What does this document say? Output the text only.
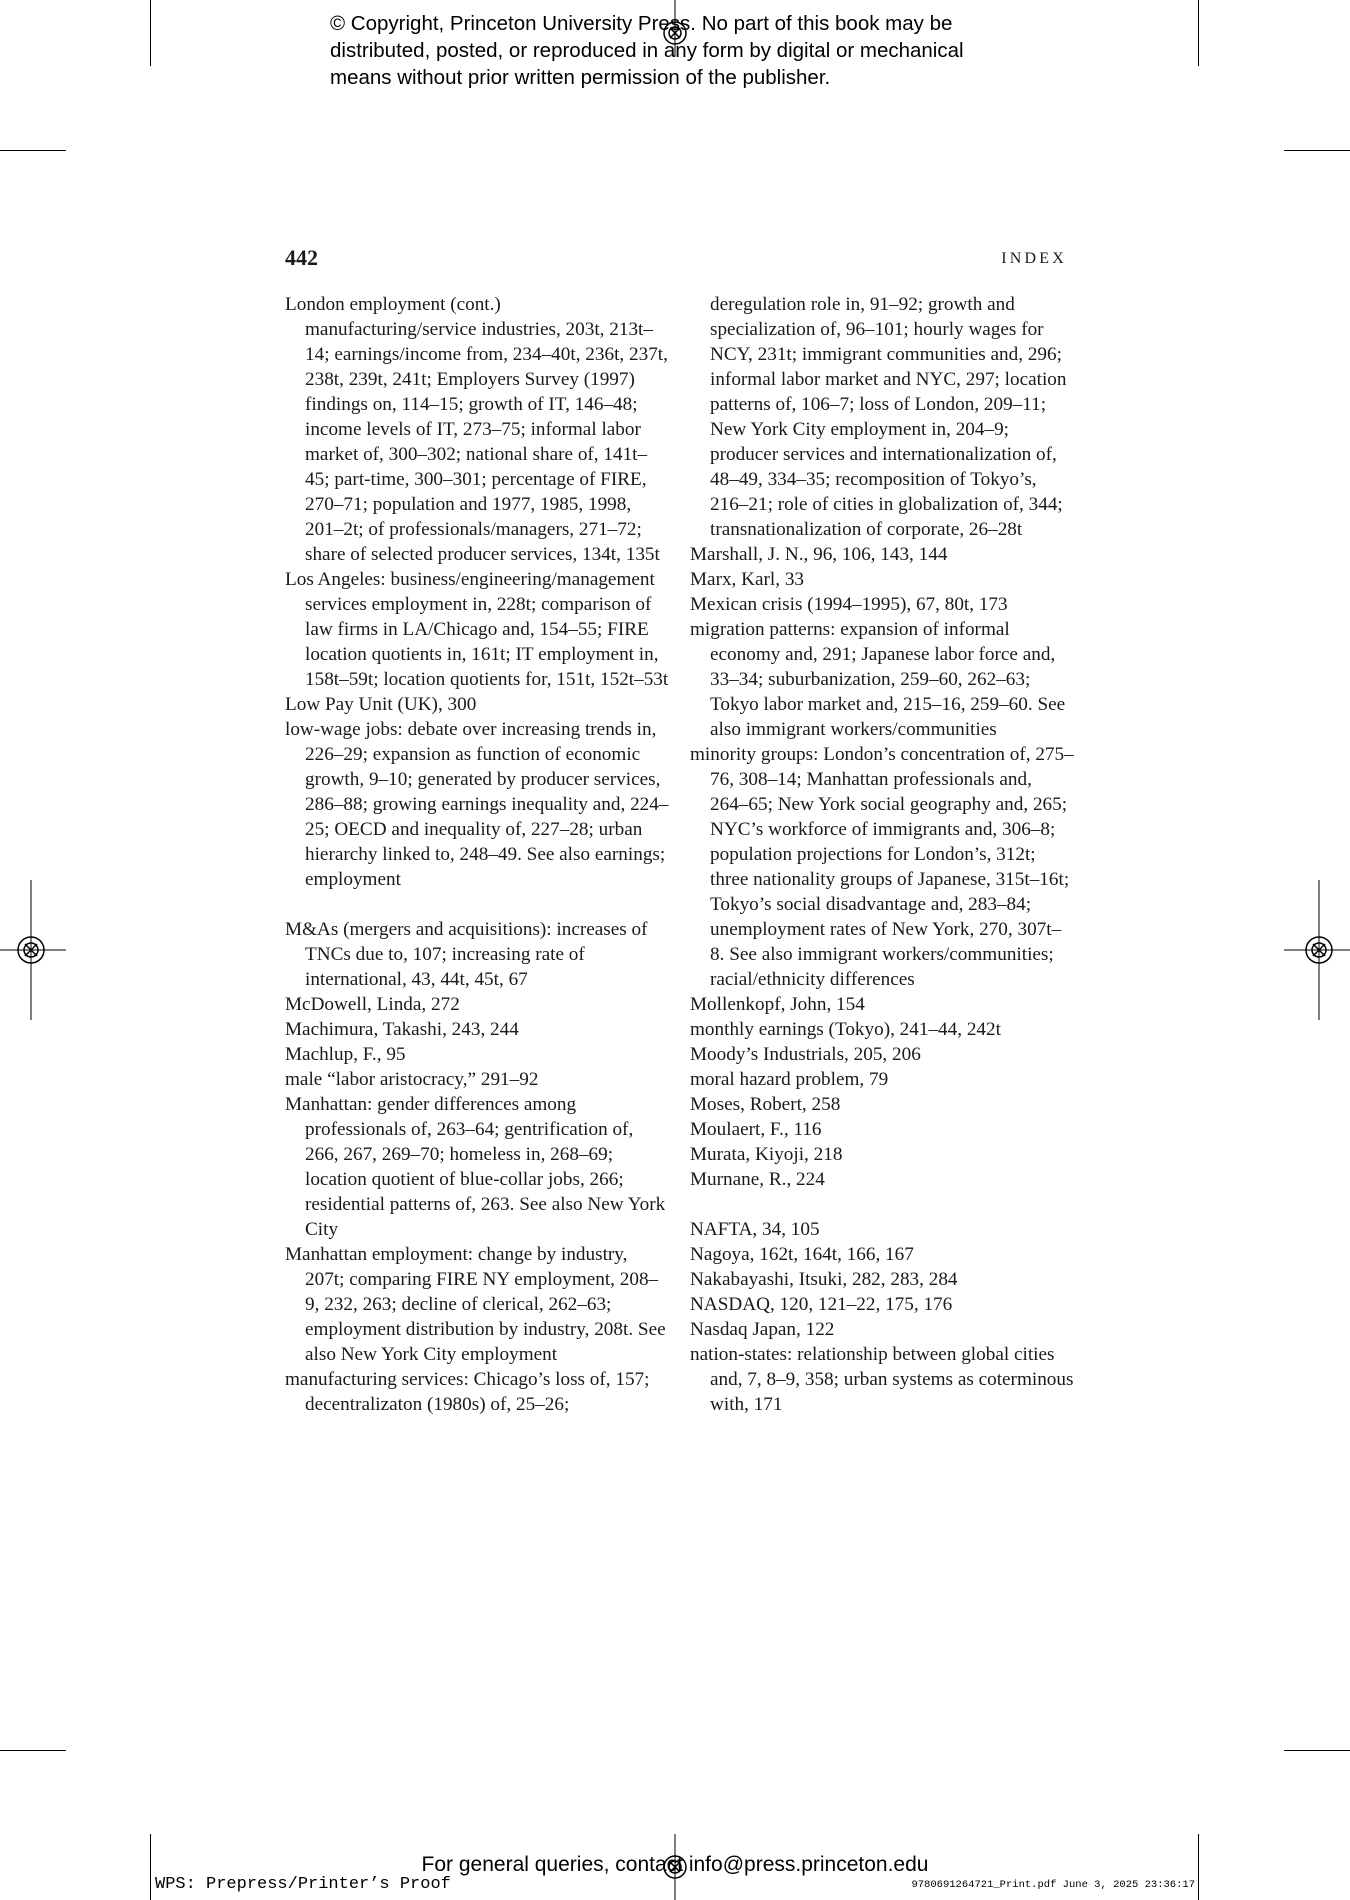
© Copyright, Princeton University Press. No part of this book may be
distributed, posted, or reproduced in any form by digital or mechanical
means without prior written permission of the publisher.
442	INDEX

London employment (cont.)

manufacturing/service industries, 203t, 213t–14; earnings/income from, 234–40t, 236t, 237t, 238t, 239t, 241t; Employers Survey (1997) findings on, 114–15; growth of IT, 146–48; income levels of IT, 273–75; informal labor market of, 300–302; national share of, 141t–45; part-time, 300–301; percentage of FIRE, 270–71; population and 1977, 1985, 1998, 201–2t; of professionals/managers, 271–72; share of selected producer services, 134t, 135t

Los Angeles: business/engineering/management services employment in, 228t; comparison of law firms in LA/Chicago and, 154–55; FIRE location quotients in, 161t; IT employment in, 158t–59t; location quotients for, 151t, 152t–53t

Low Pay Unit (UK), 300

low-wage jobs: debate over increasing trends in, 226–29; expansion as function of economic growth, 9–10; generated by producer services, 286–88; growing earnings inequality and, 224–25; OECD and inequality of, 227–28; urban hierarchy linked to, 248–49. See also earnings; employment

M&As (mergers and acquisitions): increases of TNCs due to, 107; increasing rate of international, 43, 44t, 45t, 67

McDowell, Linda, 272

Machimura, Takashi, 243, 244

Machlup, F., 95

male “labor aristocracy,” 291–92

Manhattan: gender differences among professionals of, 263–64; gentrification of, 266, 267, 269–70; homeless in, 268–69; location quotient of blue-collar jobs, 266; residential patterns of, 263. See also New York City

Manhattan employment: change by industry, 207t; comparing FIRE NY employment, 208–9, 232, 263; decline of clerical, 262–63; employment distribution by industry, 208t. See also New York City employment

manufacturing services: Chicago’s loss of, 157; decentralizaton (1980s) of, 25–26;

deregulation role in, 91–92; growth and specialization of, 96–101; hourly wages for NCY, 231t; immigrant communities and, 296; informal labor market and NYC, 297; location patterns of, 106–7; loss of London, 209–11; New York City employment in, 204–9; producer services and internationalization of, 48–49, 334–35; recomposition of Tokyo’s, 216–21; role of cities in globalization of, 344; transnationalization of corporate, 26–28t

Marshall, J. N., 96, 106, 143, 144

Marx, Karl, 33

Mexican crisis (1994–1995), 67, 80t, 173

migration patterns: expansion of informal economy and, 291; Japanese labor force and, 33–34; suburbanization, 259–60, 262–63; Tokyo labor market and, 215–16, 259–60. See also immigrant workers/communities

minority groups: London’s concentration of, 275–76, 308–14; Manhattan professionals and, 264–65; New York social geography and, 265; NYC’s workforce of immigrants and, 306–8; population projections for London’s, 312t; three nationality groups of Japanese, 315t–16t; Tokyo’s social disadvantage and, 283–84; unemployment rates of New York, 270, 307t–8. See also immigrant workers/communities; racial/ethnicity differences

Mollenkopf, John, 154

monthly earnings (Tokyo), 241–44, 242t

Moody’s Industrials, 205, 206

moral hazard problem, 79

Moses, Robert, 258

Moulaert, F., 116

Murata, Kiyoji, 218

Murnane, R., 224

NAFTA, 34, 105

Nagoya, 162t, 164t, 166, 167

Nakabayashi, Itsuki, 282, 283, 284

NASDAQ, 120, 121–22, 175, 176

Nasdaq Japan, 122

nation-states: relationship between global cities and, 7, 8–9, 358; urban systems as coterminous with, 171

For general queries, contact info@press.princeton.edu
WPS: Prepress/Printer’s Proof	9780691264721_Print.pdf June 3, 2025 23:36:17
